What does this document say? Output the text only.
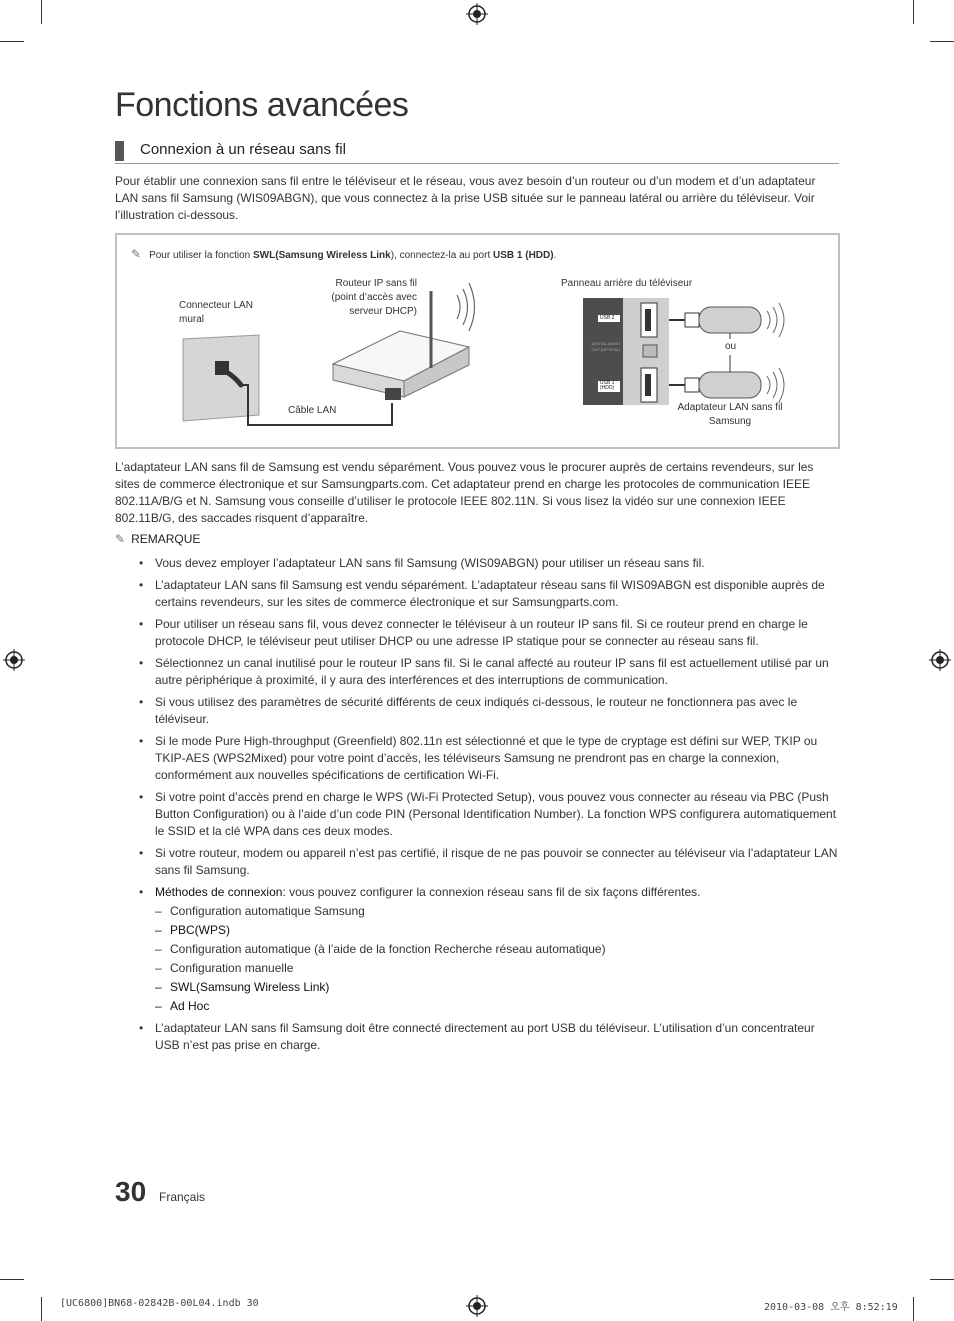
Fonctions avancées
Connexion à un réseau sans fil
Pour établir une connexion sans fil entre le téléviseur et le réseau, vous avez besoin d’un routeur ou d’un modem et d’un adaptateur LAN sans fil Samsung (WIS09ABGN), que vous connectez à la prise USB située sur le panneau latéral ou arrière du téléviseur. Voir l’illustration ci-dessous.
✎ Pour utiliser la fonction SWL(Samsung Wireless Link), connectez-la au port USB 1 (HDD).
Connecteur LAN mural
Routeur IP sans fil (point d’accès avec serveur DHCP)
Câble LAN
Panneau arrière du téléviseur
ou
Adaptateur LAN sans fil Samsung
USB 2
DIGITAL AUDIO OUT (OPTICAL)
USB 1 (HDD)
L’adaptateur LAN sans fil de Samsung est vendu séparément. Vous pouvez vous le procurer auprès de certains revendeurs, sur les sites de commerce électronique et sur Samsungparts.com. Cet adaptateur prend en charge les protocoles de communication IEEE 802.11A/B/G et N. Samsung vous conseille d’utiliser le protocole IEEE 802.11N. Si vous lisez la vidéo sur une connexion IEEE 802.11B/G, des saccades risquent d’apparaître.
✎ REMARQUE
• Vous devez employer l’adaptateur LAN sans fil Samsung (WIS09ABGN) pour utiliser un réseau sans fil.
• L’adaptateur LAN sans fil Samsung est vendu séparément. L’adaptateur réseau sans fil WIS09ABGN est disponible auprès de certains revendeurs, sur les sites de commerce électronique et sur Samsungparts.com.
• Pour utiliser un réseau sans fil, vous devez connecter le téléviseur à un routeur IP sans fil. Si ce routeur prend en charge le protocole DHCP, le téléviseur peut utiliser DHCP ou une adresse IP statique pour se connecter au réseau sans fil.
• Sélectionnez un canal inutilisé pour le routeur IP sans fil. Si le canal affecté au routeur IP sans fil est actuellement utilisé par un autre périphérique à proximité, il y aura des interférences et des interruptions de communication.
• Si vous utilisez des paramètres de sécurité différents de ceux indiqués ci-dessous, le routeur ne fonctionnera pas avec le téléviseur.
• Si le mode Pure High-throughput (Greenfield) 802.11n est sélectionné et que le type de cryptage est défini sur WEP, TKIP ou TKIP-AES (WPS2Mixed) pour votre point d’accès, les téléviseurs Samsung ne prendront pas en charge la connexion, conformément aux nouvelles spécifications de certification Wi-Fi.
• Si votre point d’accès prend en charge le WPS (Wi-Fi Protected Setup), vous pouvez vous connecter au réseau via PBC (Push Button Configuration) ou à l’aide d’un code PIN (Personal Identification Number). La fonction WPS configurera automatiquement le SSID et la clé WPA dans ces deux modes.
• Si votre routeur, modem ou appareil n’est pas certifié, il risque de ne pas pouvoir se connecter au téléviseur via l’adaptateur LAN sans fil Samsung.
• Méthodes de connexion: vous pouvez configurer la connexion réseau sans fil de six façons différentes.
– Configuration automatique Samsung
– PBC(WPS)
– Configuration automatique (à l’aide de la fonction Recherche réseau automatique)
– Configuration manuelle
– SWL(Samsung Wireless Link)
– Ad Hoc
• L’adaptateur LAN sans fil Samsung doit être connecté directement au port USB du téléviseur. L’utilisation d’un concentrateur USB n’est pas prise en charge.
30 Français
[UC6800]BN68-02842B-00L04.indb 30	2010-03-08 오후 8:52:19
